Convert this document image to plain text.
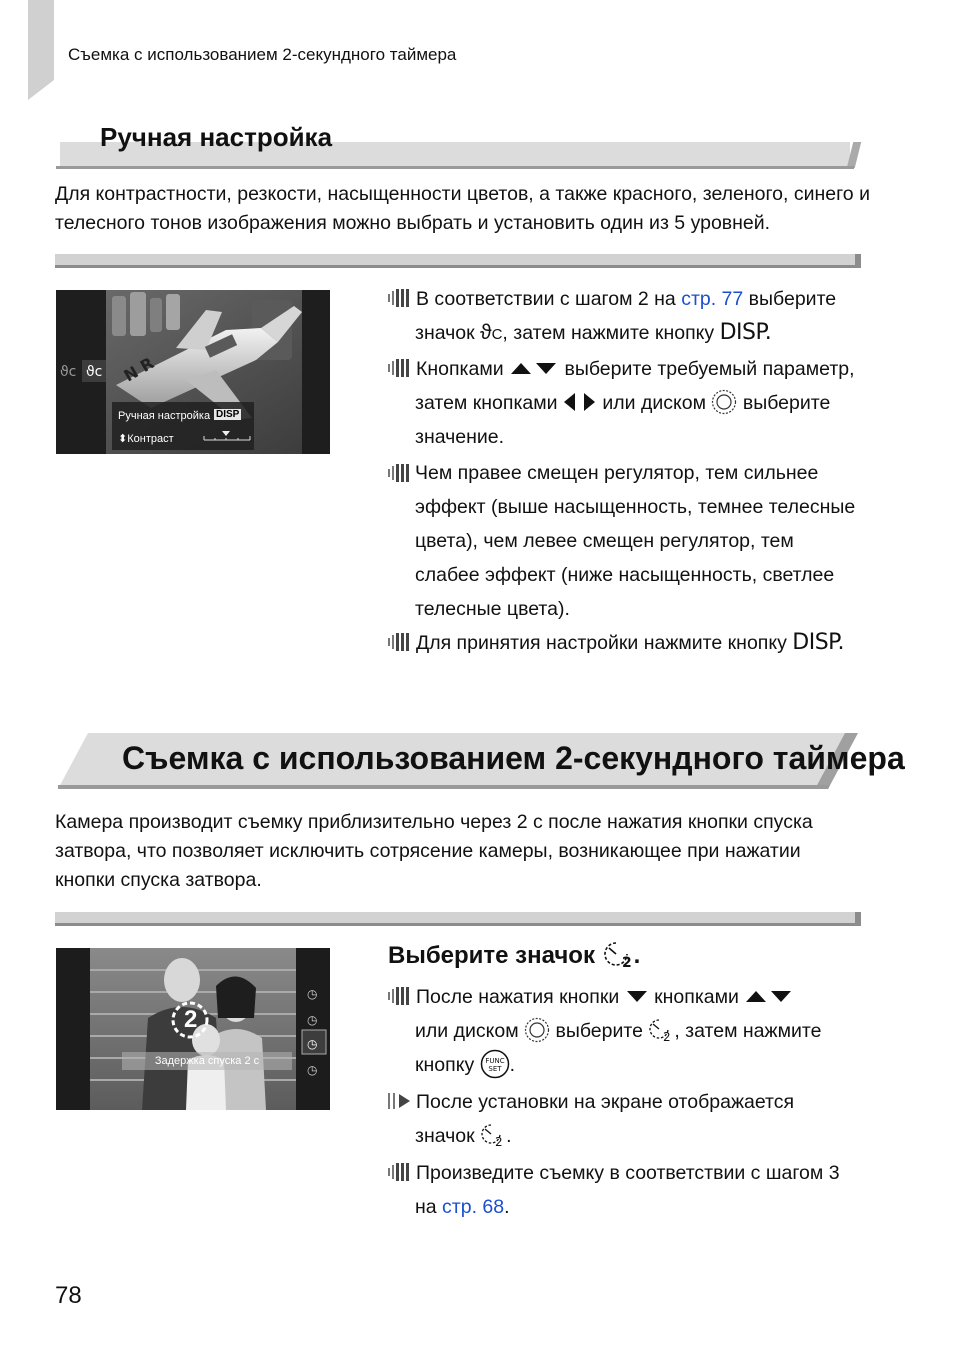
Съемка с использованием 2-секундного таймера
Ручная настройка
Для контрастности, резкости, насыщенности цветов, а также красного, зеленого, синего и телесного тонов изображения можно выбрать и установить один из 5 уровней.
N R
ϑc ϑc
Ручная настройка DISP
⬍Контраст
В соответствии с шагом 2 на стр. 77 выберите
значок ϑC, затем нажмите кнопку DISP.
Кнопками	выберите требуемый параметр,
затем кнопками или диском выберите
значение.
Чем правее смещен регулятор, тем сильнее эффект (выше насыщенность, темнее телесные цвета), чем левее смещен регулятор, тем слабее эффект (ниже насыщенность, светлее телесные цвета).
Для принятия настройки нажмите кнопку DISP.
Съемка с использованием 2-секундного таймера
Камера производит съемку приблизительно через 2 с после нажатия кнопки спуска затвора, что позволяет исключить сотрясение камеры, возникающее при нажатии кнопки спуска затвора.
◷
◷
◷
◷
2
Задержка спуска 2 с
Выберите значок 2 .
После нажатия кнопки кнопками
или диском выберите 2 , затем нажмите
кнопку FUNC
SET .
После установки на экране отображается
значок 2 .
Произведите съемку в соответствии с шагом 3
на стр. 68.
78
